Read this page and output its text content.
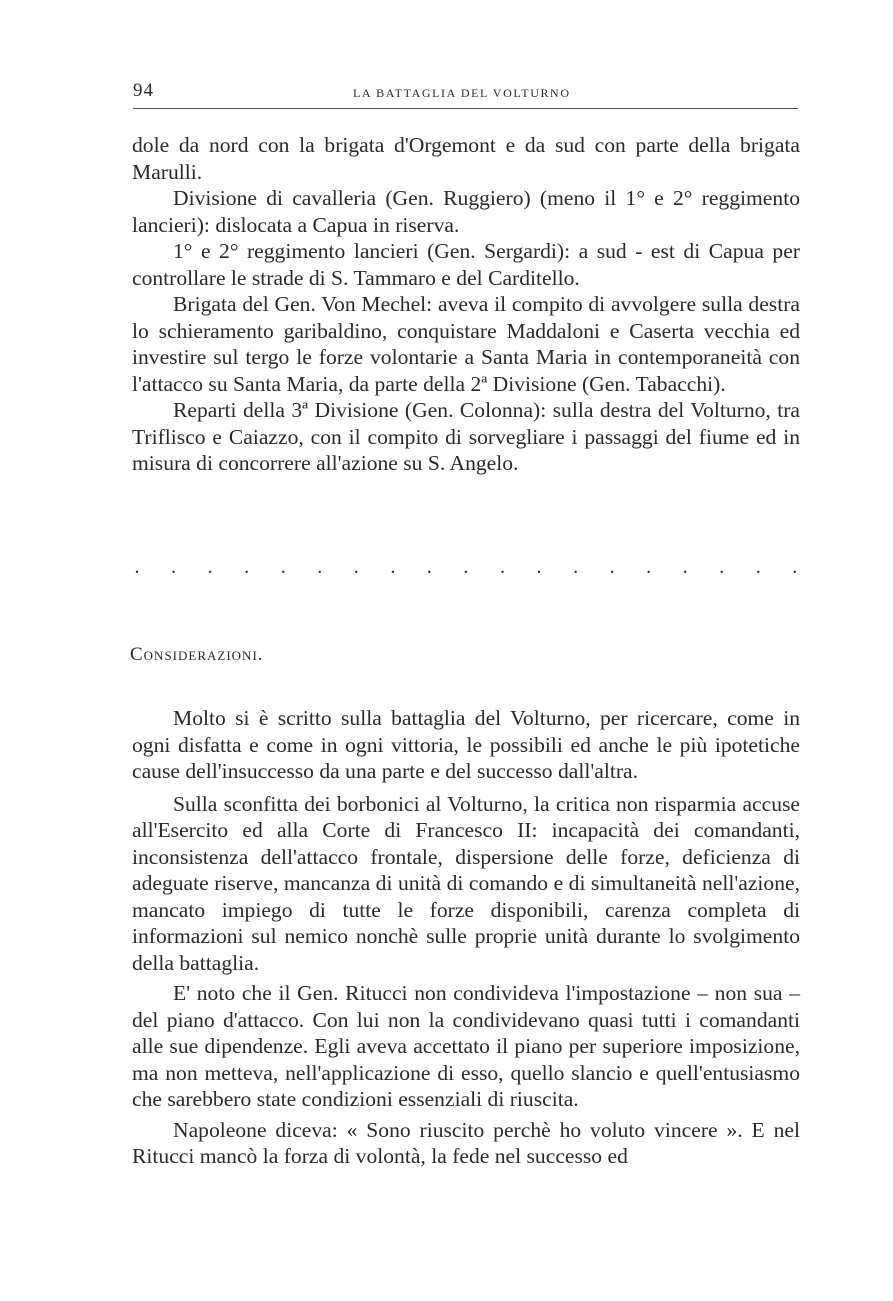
94	LA BATTAGLIA DEL VOLTURNO

dole da nord con la brigata d'Orgemont e da sud con parte della brigata Marulli.

Divisione di cavalleria (Gen. Ruggiero) (meno il 1° e 2° reggimento lancieri): dislocata a Capua in riserva.

1° e 2° reggimento lancieri (Gen. Sergardi): a sud - est di Capua per controllare le strade di S. Tammaro e del Carditello.

Brigata del Gen. Von Mechel: aveva il compito di avvolgere sulla destra lo schieramento garibaldino, conquistare Maddaloni e Caserta vecchia ed investire sul tergo le forze volontarie a Santa Maria in contemporaneità con l'attacco su Santa Maria, da parte della 2ª Divisione (Gen. Tabacchi).

Reparti della 3ª Divisione (Gen. Colonna): sulla destra del Volturno, tra Triflisco e Caiazzo, con il compito di sorvegliare i passaggi del fiume ed in misura di concorrere all'azione su S. Angelo.

. . . . . . . . . . . . . . . . . . .
Considerazioni.

Molto si è scritto sulla battaglia del Volturno, per ricercare, come in ogni disfatta e come in ogni vittoria, le possibili ed anche le più ipotetiche cause dell'insuccesso da una parte e del successo dall'altra.

Sulla sconfitta dei borbonici al Volturno, la critica non risparmia accuse all'Esercito ed alla Corte di Francesco II: incapacità dei comandanti, inconsistenza dell'attacco frontale, dispersione delle forze, deficienza di adeguate riserve, mancanza di unità di comando e di simultaneità nell'azione, mancato impiego di tutte le forze disponibili, carenza completa di informazioni sul nemico nonchè sulle proprie unità durante lo svolgimento della battaglia.

E' noto che il Gen. Ritucci non condivideva l'impostazione – non sua – del piano d'attacco. Con lui non la condividevano quasi tutti i comandanti alle sue dipendenze. Egli aveva accettato il piano per superiore imposizione, ma non metteva, nell'applicazione di esso, quello slancio e quell'entusiasmo che sarebbero state condizioni essenziali di riuscita.

Napoleone diceva: « Sono riuscito perchè ho voluto vincere ». E nel Ritucci mancò la forza di volontà, la fede nel successo ed
